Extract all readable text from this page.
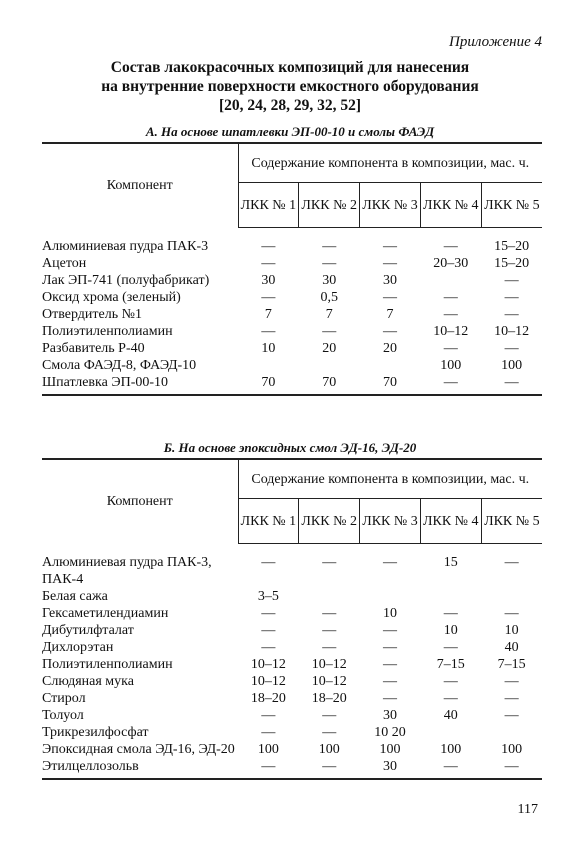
Приложение 4
Состав лакокрасочных композиций для нанесения
на внутренние поверхности емкостного оборудования
[20, 24, 28, 29, 32, 52]
А. На основе шпатлевки ЭП-00-10 и смолы ФАЭД
Компонент	Содержание компонента в композиции, мас. ч.				
	ЛКК № 1	ЛКК № 2	ЛКК № 3	ЛКК № 4	ЛКК № 5

Алюминиевая пудра ПАК-3	—	—	—	—	15–20
Ацетон	—	—	—	20–30	15–20
Лак ЭП-741 (полуфабрикат)	30	30	30		—
Оксид хрома (зеленый)	—	0,5	—	—	—
Отвердитель №1	7	7	7	—	—
Полиэтиленполиамин	—	—	—	10–12	10–12
Разбавитель Р-40	10	20	20	—	—
Смола ФАЭД-8, ФАЭД-10				100	100
Шпатлевка ЭП-00-10	70	70	70	—	—
Б. На основе эпоксидных смол ЭД-16, ЭД-20
Компонент	Содержание компонента в композиции, мас. ч.				
	ЛКК № 1	ЛКК № 2	ЛКК № 3	ЛКК № 4	ЛКК № 5

Алюминиевая пудра ПАК-3, ПАК-4	—	—	—	15	—
Белая сажа	3–5				
Гексаметилендиамин	—	—	10	—	—
Дибутилфталат	—	—	—	10	10
Дихлорэтан	—	—	—	—	40
Полиэтиленполиамин	10–12	10–12	—	7–15	7–15
Слюдяная мука	10–12	10–12	—	—	—
Стирол	18–20	18–20	—	—	—
Толуол	—	—	30	40	—
Трикрезилфосфат	—	—	10 20		
Эпоксидная смола ЭД-16, ЭД-20	100	100	100	100	100
Этилцеллозольв	—	—	30	—	—
117
